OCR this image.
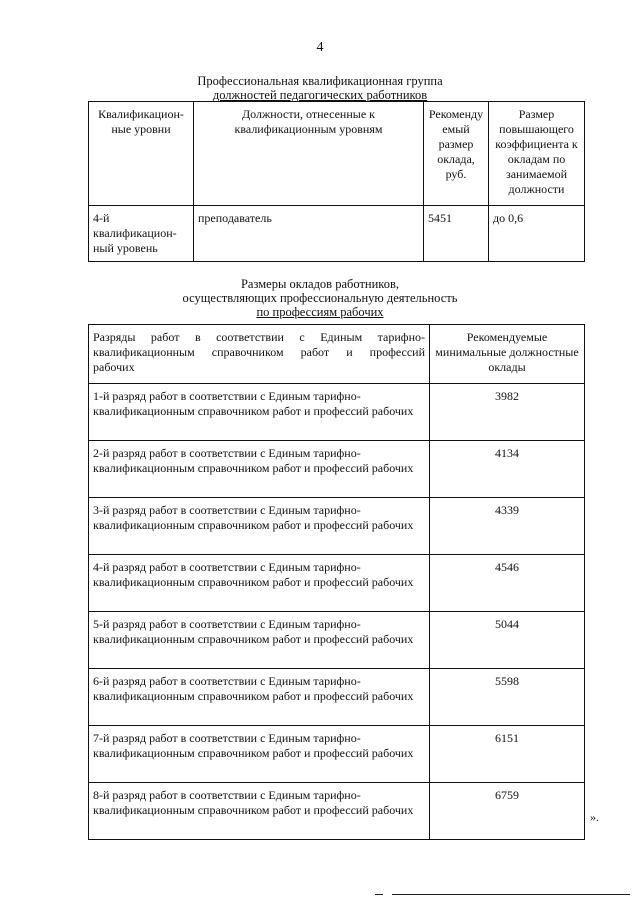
4
Профессиональная квалификационная группа
должностей педагогических работников
Квалификацион-ные уровни	Должности, отнесенные к квалификационным уровням	Рекоменду емый размер оклада, руб.	Размер повышающего коэффициента к окладам по занимаемой должности
4-й квалификацион-ный уровень	преподаватель	5451	до 0,6
Размеры окладов работников,
осуществляющих профессиональную деятельность
по профессиям рабочих
Разряды работ в соответствии с Единым тарифно- квалификационным справочником работ и профессий
рабочих	Рекомендуемые минимальные должностные оклады
1-й разряд работ в соответствии с Единым тарифно-квалификационным справочником работ и профессий рабочих	3982
2-й разряд работ в соответствии с Единым тарифно-квалификационным справочником работ и профессий рабочих	4134
3-й разряд работ в соответствии с Единым тарифно-квалификационным справочником работ и профессий рабочих	4339
4-й разряд работ в соответствии с Единым тарифно-квалификационным справочником работ и профессий рабочих	4546
5-й разряд работ в соответствии с Единым тарифно-квалификационным справочником работ и профессий рабочих	5044
6-й разряд работ в соответствии с Единым тарифно-квалификационным справочником работ и профессий рабочих	5598
7-й разряд работ в соответствии с Единым тарифно-квалификационным справочником работ и профессий рабочих	6151
8-й разряд работ в соответствии с Единым тарифно-квалификационным справочником работ и профессий рабочих	6759
».
